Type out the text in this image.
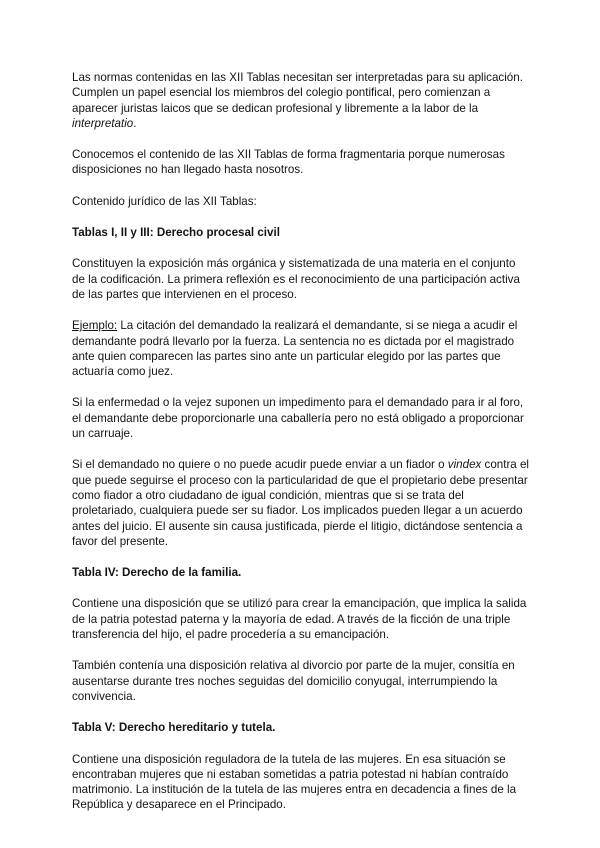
Las normas contenidas en las XII Tablas necesitan ser interpretadas para su aplicación. Cumplen un papel esencial los miembros del colegio pontifical, pero comienzan a aparecer juristas laicos que se dedican profesional y libremente a la labor de la interpretatio.

Conocemos el contenido de las XII Tablas de forma fragmentaria porque numerosas disposiciones no han llegado hasta nosotros.

Contenido jurídico de las XII Tablas:

Tablas I, II y III: Derecho procesal civil

Constituyen la exposición más orgánica y sistematizada de una materia en el conjunto de la codificación. La primera reflexión es el reconocimiento de una participación activa de las partes que intervienen en el proceso.

Ejemplo: La citación del demandado la realizará el demandante, si se niega a acudir el demandante podrá llevarlo por la fuerza. La sentencia no es dictada por el magistrado ante quien comparecen las partes sino ante un particular elegido por las partes que actuaría como juez.

Si la enfermedad o la vejez suponen un impedimento para el demandado para ir al foro, el demandante debe proporcionarle una caballería pero no está obligado a proporcionar un carruaje.

Si el demandado no quiere o no puede acudir puede enviar a un fiador o vindex contra el que puede seguirse el proceso con la particularidad de que el propietario debe presentar como fiador a otro ciudadano de igual condición, mientras que si se trata del proletariado, cualquiera puede ser su fiador. Los implicados pueden llegar a un acuerdo antes del juicio. El ausente sin causa justificada, pierde el litigio, dictándose sentencia a favor del presente.

Tabla IV: Derecho de la familia.

Contiene una disposición que se utilizó para crear la emancipación, que implica la salida de la patria potestad paterna y la mayoría de edad. A través de la ficción de una triple transferencia del hijo, el padre procedería a su emancipación.

También contenía una disposición relativa al divorcio por parte de la mujer, consitía en ausentarse durante tres noches seguidas del domicilio conyugal, interrumpiendo la convivencia.

Tabla V: Derecho hereditario y tutela.

Contiene una disposición reguladora de la tutela de las mujeres. En esa situación se encontraban mujeres que ni estaban sometidas a patria potestad ni habían contraído matrimonio. La institución de la tutela de las mujeres entra en decadencia a fines de la República y desaparece en el Principado.
